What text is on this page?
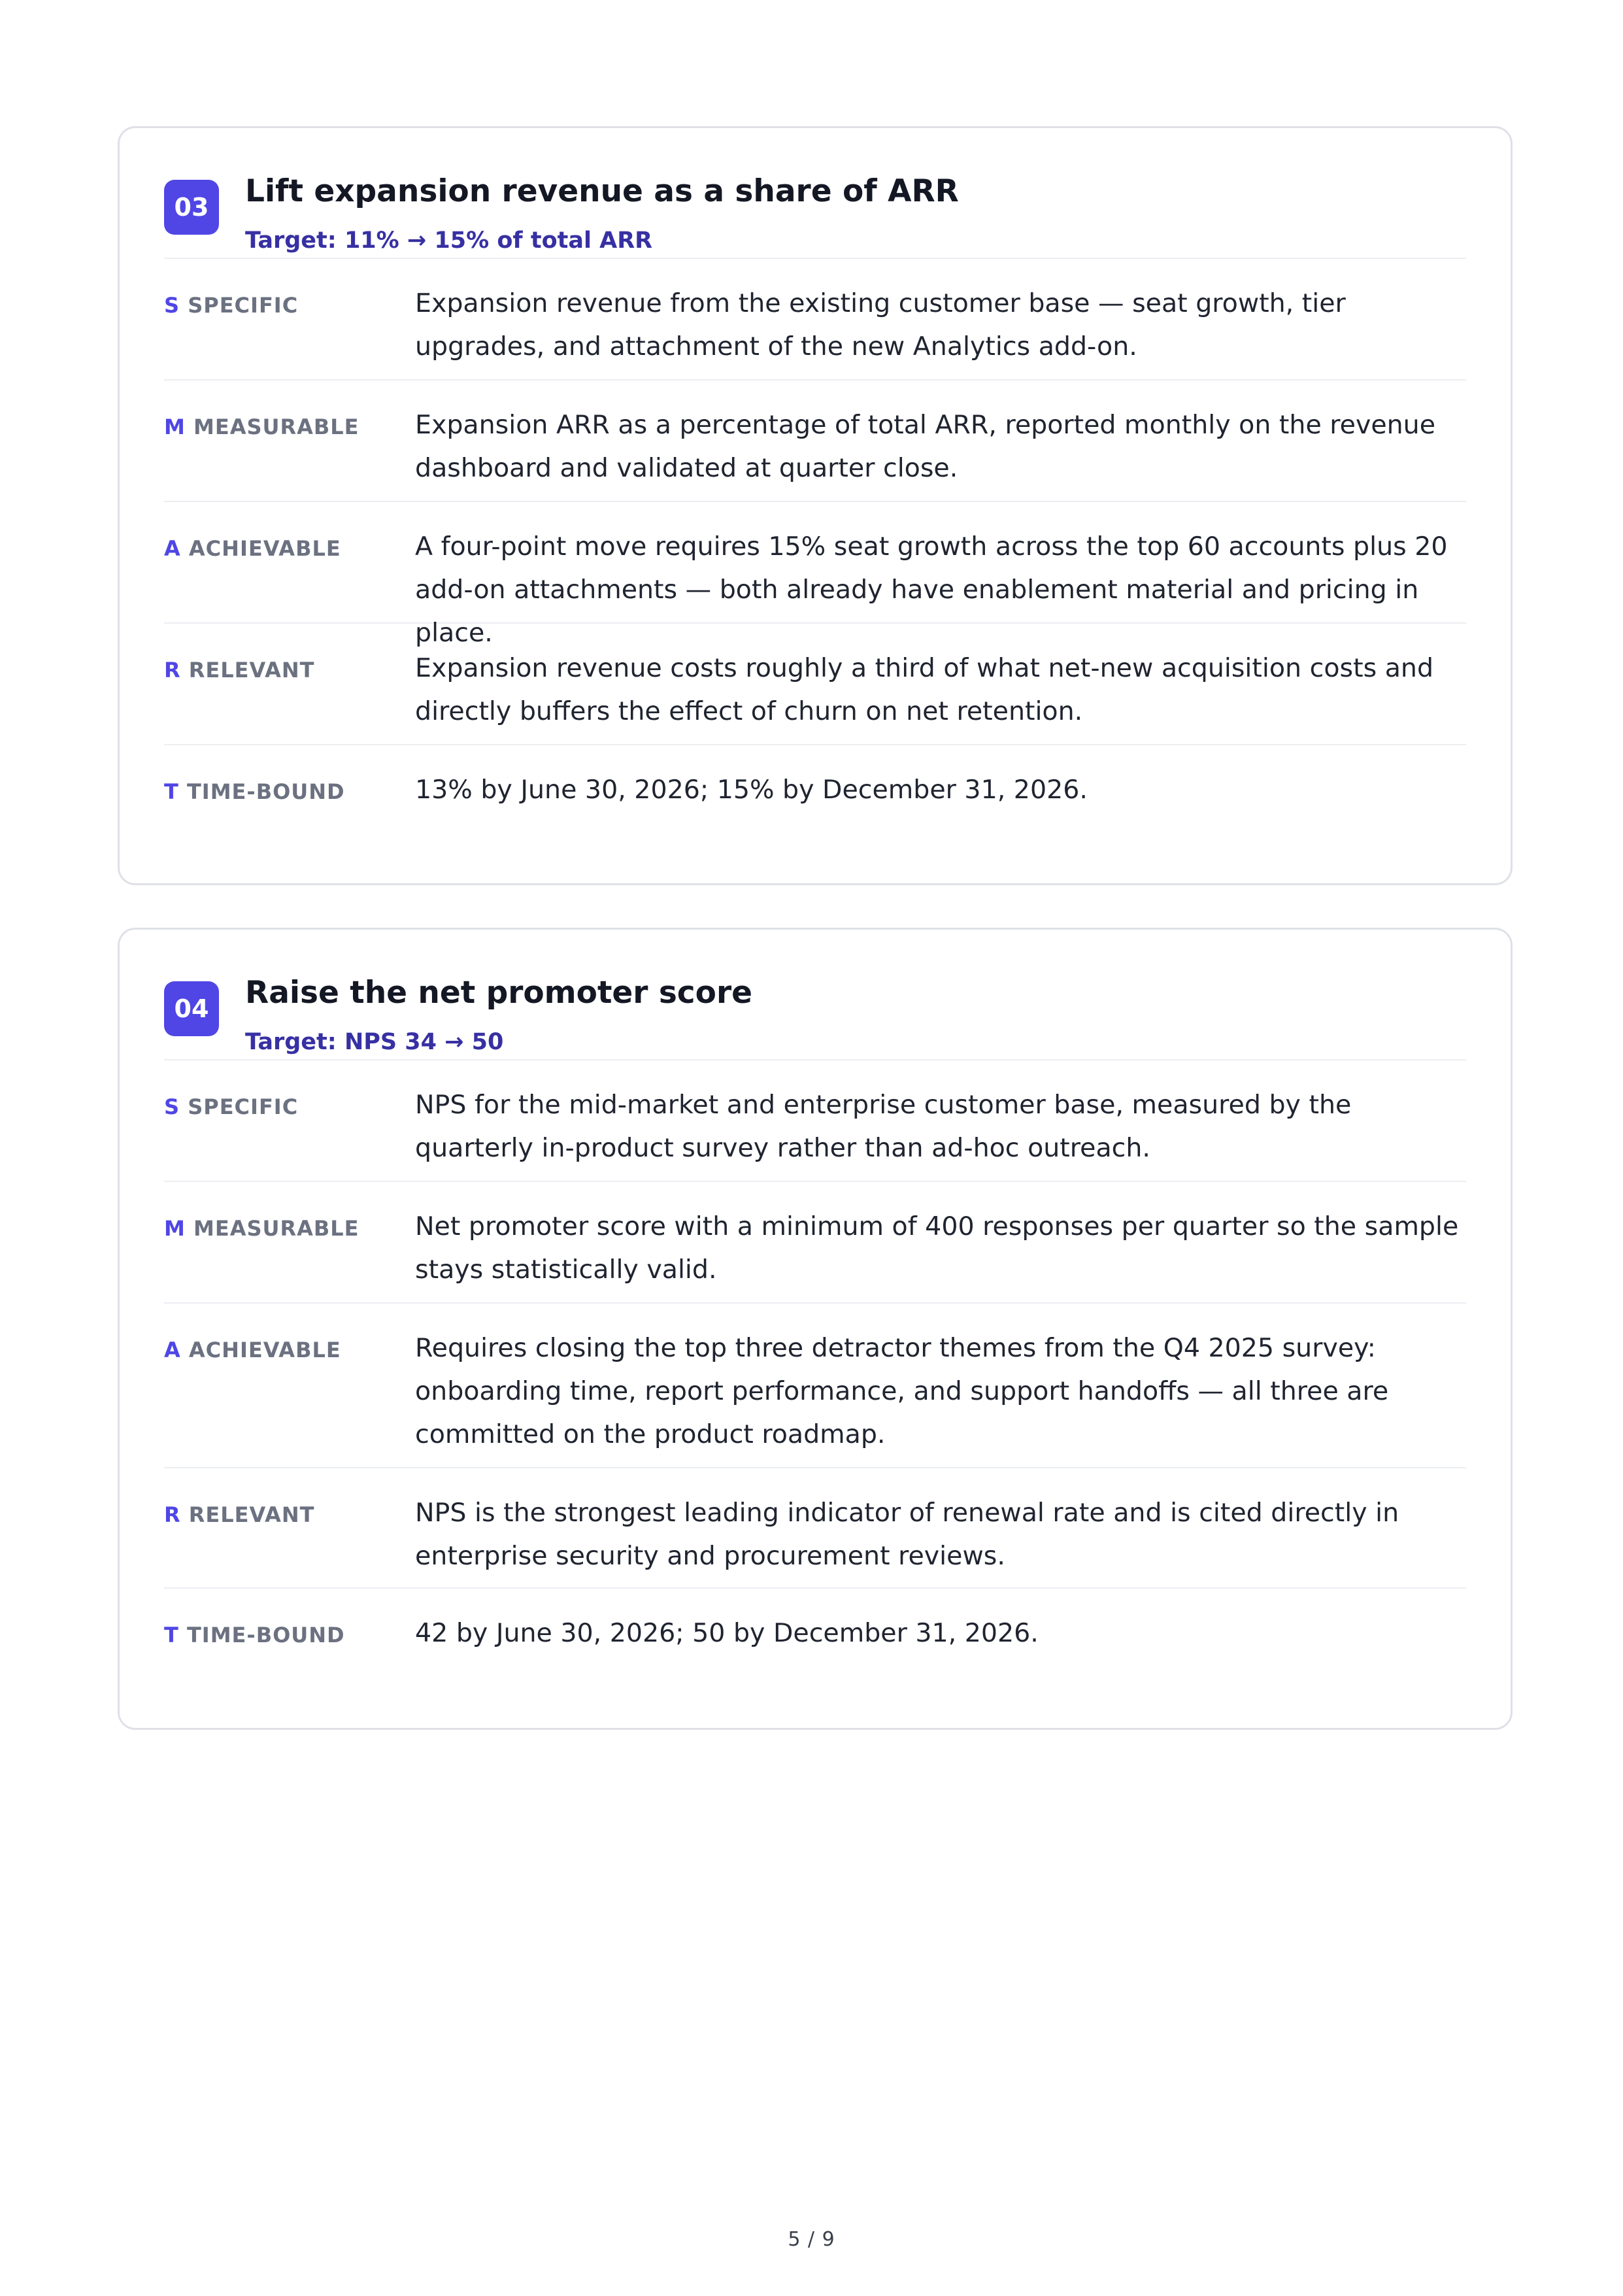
03	Lift expansion revenue as a share of ARR
Target: 11% → 15% of total ARR
S SPECIFIC	Expansion revenue from the existing customer base — seat growth, tier upgrades, and attachment of the new Analytics add-on.
M MEASURABLE	Expansion ARR as a percentage of total ARR, reported monthly on the revenue dashboard and validated at quarter close.
A ACHIEVABLE	A four-point move requires 15% seat growth across the top 60 accounts plus 20 add-on attachments — both already have enablement material and pricing in place.
R RELEVANT	Expansion revenue costs roughly a third of what net-new acquisition costs and directly buffers the effect of churn on net retention.
T TIME-BOUND	13% by June 30, 2026; 15% by December 31, 2026.
04	Raise the net promoter score
Target: NPS 34 → 50
S SPECIFIC	NPS for the mid-market and enterprise customer base, measured by the quarterly in-product survey rather than ad-hoc outreach.
M MEASURABLE	Net promoter score with a minimum of 400 responses per quarter so the sample stays statistically valid.
A ACHIEVABLE	Requires closing the top three detractor themes from the Q4 2025 survey: onboarding time, report performance, and support handoffs — all three are committed on the product roadmap.
R RELEVANT	NPS is the strongest leading indicator of renewal rate and is cited directly in enterprise security and procurement reviews.
T TIME-BOUND	42 by June 30, 2026; 50 by December 31, 2026.
5 / 9
